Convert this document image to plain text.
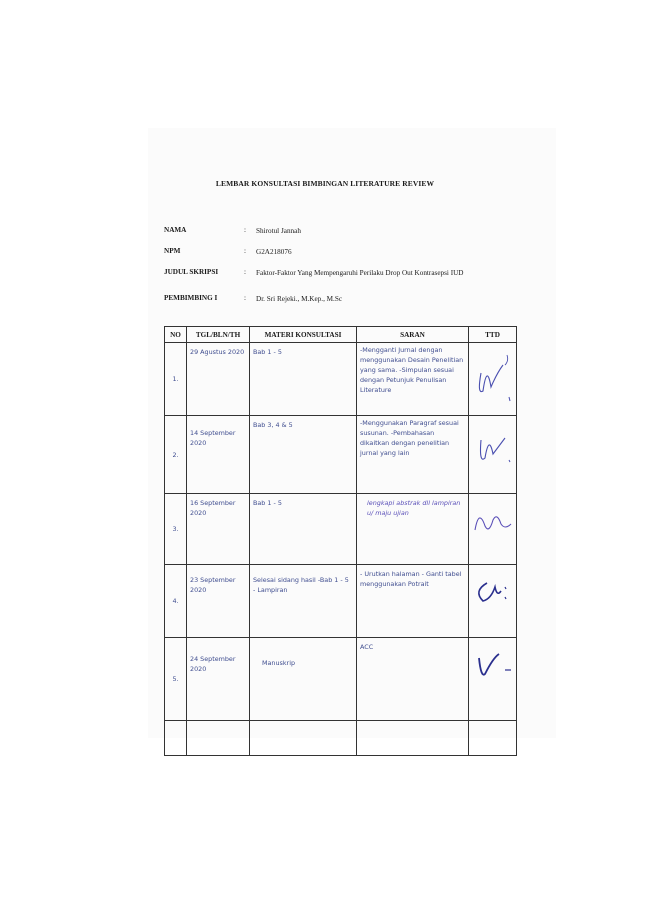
LEMBAR KONSULTASI BIMBINGAN LITERATURE REVIEW
NAMA	: Shirotul Jannah
NPM	: G2A218076
JUDUL SKRIPSI	: Faktor-Faktor Yang Mempengaruhi Perilaku Drop Out Kontrasepsi IUD
PEMBIMBING I	: Dr. Sri Rejeki., M.Kep., M.Sc
NO	TGL/BLN/TH	MATERI KONSULTASI	SARAN	TTD
1.	29 Agustus 2020	Bab 1 - 5	-Mengganti Jurnal dengan menggunakan Desain Penelitian yang sama. -Simpulan sesuai dengan Petunjuk Penulisan Literature	

2.	14 September 2020	Bab 3, 4 & 5	-Menggunakan Paragraf sesuai susunan. -Pembahasan dikaitkan dengan penelitian jurnal yang lain	

3.	16 September 2020	Bab 1 - 5	lengkapi abstrak dll lampiran u/ maju ujian	

4.	23 September 2020	Selesai sidang hasil -Bab 1 - 5 - Lampiran	- Urutkan halaman - Ganti tabel menggunakan Potrait	

5.	24 September 2020	Manuskrip	ACC	
